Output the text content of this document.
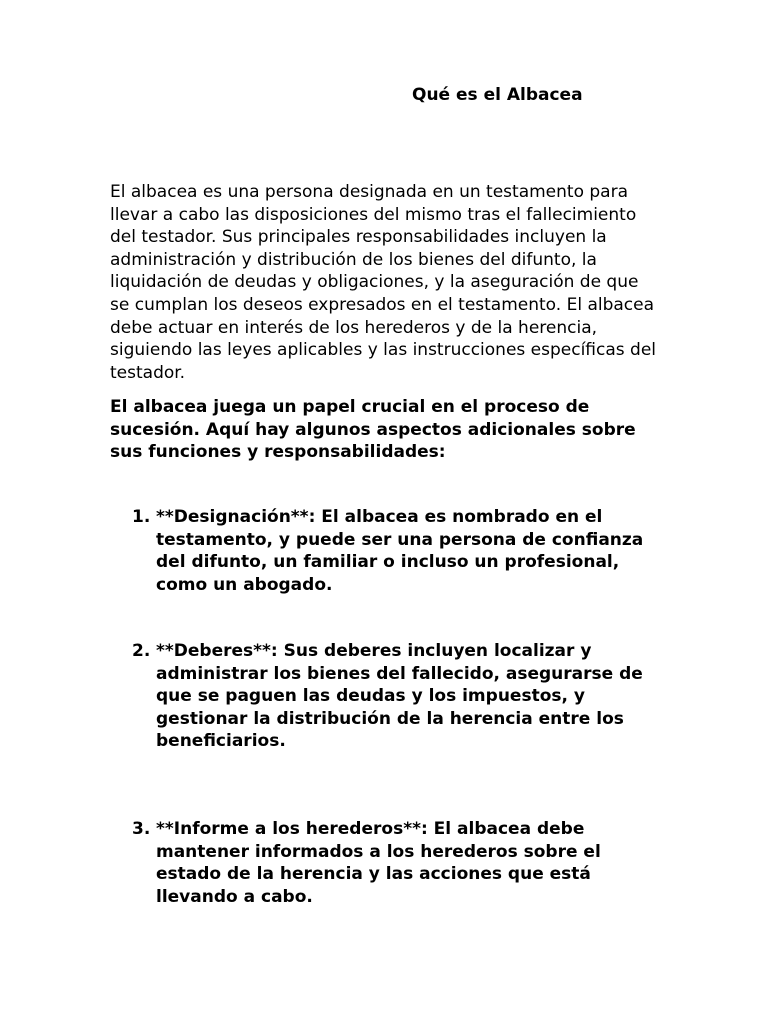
Qué es el Albacea

El albacea es una persona designada en un testamento para llevar a cabo las disposiciones del mismo tras el fallecimiento del testador. Sus principales responsabilidades incluyen la administración y distribución de los bienes del difunto, la liquidación de deudas y obligaciones, y la aseguración de que se cumplan los deseos expresados en el testamento. El albacea debe actuar en interés de los herederos y de la herencia, siguiendo las leyes aplicables y las instrucciones específicas del testador.

El albacea juega un papel crucial en el proceso de sucesión. Aquí hay algunos aspectos adicionales sobre sus funciones y responsabilidades:

1. **Designación**: El albacea es nombrado en el testamento, y puede ser una persona de confianza del difunto, un familiar o incluso un profesional, como un abogado.
2. **Deberes**: Sus deberes incluyen localizar y administrar los bienes del fallecido, asegurarse de que se paguen las deudas y los impuestos, y gestionar la distribución de la herencia entre los beneficiarios.
3. **Informe a los herederos**: El albacea debe mantener informados a los herederos sobre el estado de la herencia y las acciones que está llevando a cabo.
